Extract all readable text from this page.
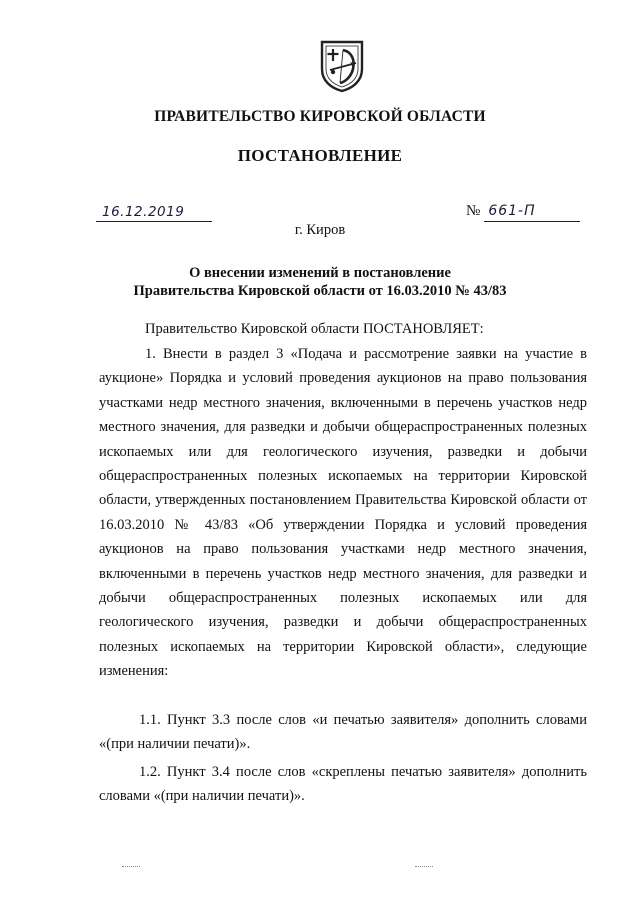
ПРАВИТЕЛЬСТВО КИРОВСКОЙ ОБЛАСТИ
ПОСТАНОВЛЕНИЕ
16.12.2019	№ 661-П
г. Киров
О внесении изменений в постановление
Правительства Кировской области от 16.03.2010 № 43/83
Правительство Кировской области ПОСТАНОВЛЯЕТ:
1. Внести в раздел 3 «Подача и рассмотрение заявки на участие в аукционе» Порядка и условий проведения аукционов на право пользования участками недр местного значения, включенными в перечень участков недр местного значения, для разведки и добычи общераспространенных полезных ископаемых или для геологического изучения, разведки и добычи общераспространенных полезных ископаемых на территории Кировской области, утвержденных постановлением Правительства Кировской области от 16.03.2010 № 43/83 «Об утверждении Порядка и условий проведения аукционов на право пользования участками недр местного значения, включенными в перечень участков недр местного значения, для разведки и добычи общераспространенных полезных ископаемых или для геологического изучения, разведки и добычи общераспространенных полезных ископаемых на территории Кировской области», следующие изменения:
1.1. Пункт 3.3 после слов «и печатью заявителя» дополнить словами «(при наличии печати)».
1.2. Пункт 3.4 после слов «скреплены печатью заявителя» дополнить словами «(при наличии печати)».
